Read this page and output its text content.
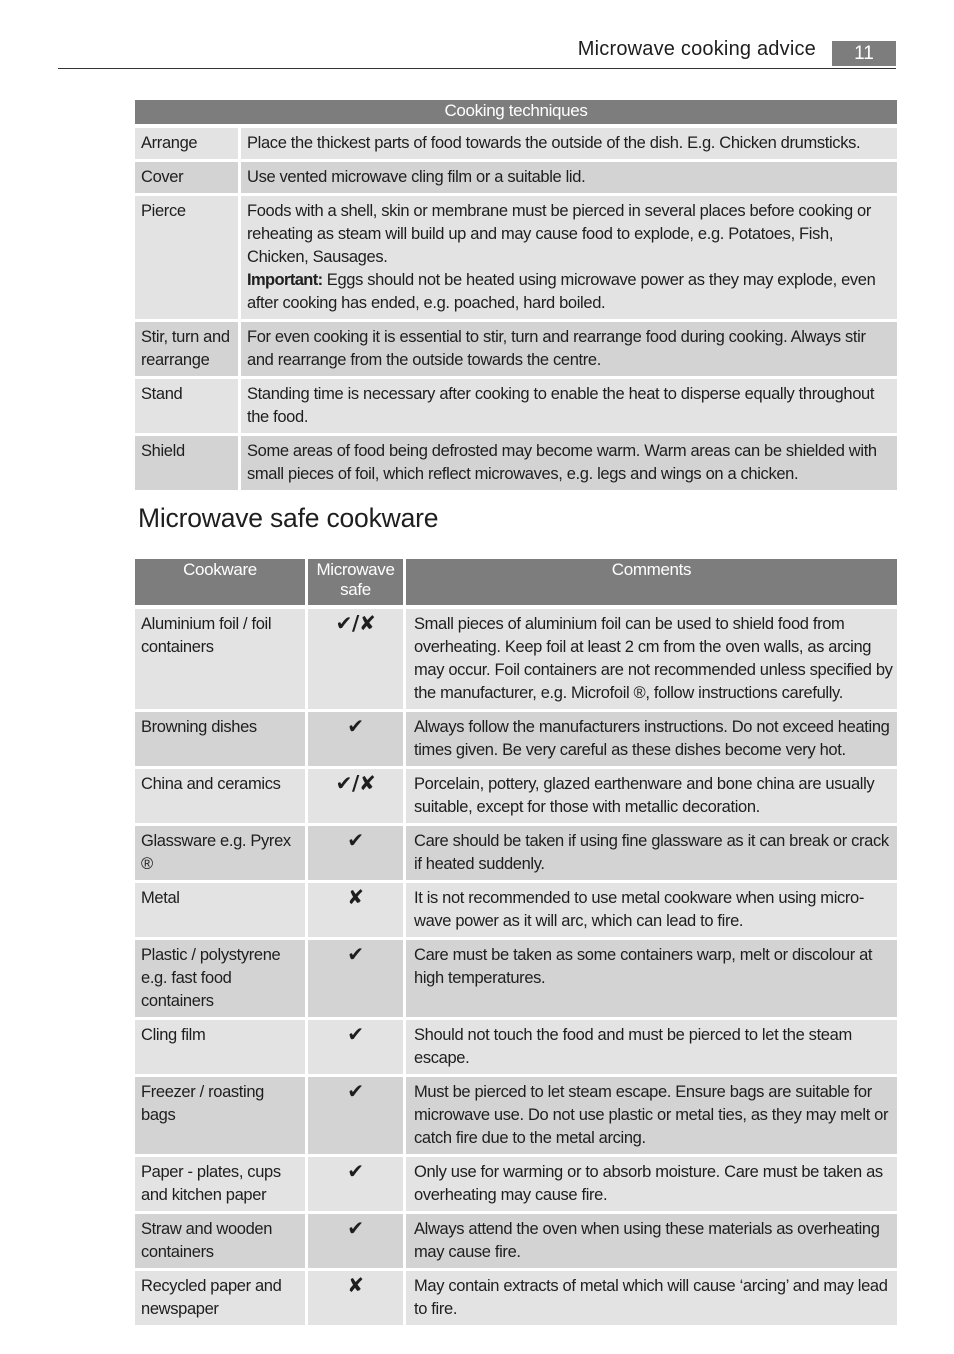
Microwave cooking advice	11
Cooking techniques	
Arrange	Place the thickest parts of food towards the outside of the dish. E.g. Chicken drumsticks.
Cover	Use vented microwave cling film or a suitable lid.
Pierce	Foods with a shell, skin or membrane must be pierced in several places before cooking or reheating as steam will build up and may cause food to explode, e.g. Potatoes, Fish, Chicken, Sausages.
Important: Eggs should not be heated using microwave power as they may explode, even after cooking has ended, e.g. poached, hard boiled.

Stir, turn and rearrange	For even cooking it is essential to stir, turn and rearrange food during cooking. Always stir and rearrange from the outside towards the centre.
Stand	Standing time is necessary after cooking to enable the heat to disperse equally throughout the food.
Shield	Some areas of food being defrosted may become warm. Warm areas can be shielded with small pieces of foil, which reflect microwaves, e.g. legs and wings on a chicken.
Microwave safe cookware
Cookware	Microwave safe	Comments
Aluminium foil / foil containers	✔/✘	Small pieces of aluminium foil can be used to shield food from overheating. Keep foil at least 2 cm from the oven walls, as arcing may occur. Foil containers are not recommended unless specified by the manufacturer, e.g. Microfoil ®, follow instructions carefully.
Browning dishes	✔	Always follow the manufacturers instructions. Do not exceed heating times given. Be very careful as these dishes become very hot.
China and ceramics	✔/✘	Porcelain, pottery, glazed earthenware and bone china are usually suitable, except for those with metallic decoration.
Glassware e.g. Pyrex ®	✔	Care should be taken if using fine glassware as it can break or crack if heated suddenly.
Metal	✘	It is not recommended to use metal cookware when using micro-wave power as it will arc, which can lead to fire.
Plastic / polystyrene e.g. fast food containers	✔	Care must be taken as some containers warp, melt or discolour at high temperatures.
Cling film	✔	Should not touch the food and must be pierced to let the steam escape.
Freezer / roasting bags	✔	Must be pierced to let steam escape. Ensure bags are suitable for microwave use. Do not use plastic or metal ties, as they may melt or catch fire due to the metal arcing.
Paper - plates, cups and kitchen paper	✔	Only use for warming or to absorb moisture. Care must be taken as overheating may cause fire.
Straw and wooden containers	✔	Always attend the oven when using these materials as overheating may cause fire.
Recycled paper and newspaper	✘	May contain extracts of metal which will cause ‘arcing’ and may lead to fire.
